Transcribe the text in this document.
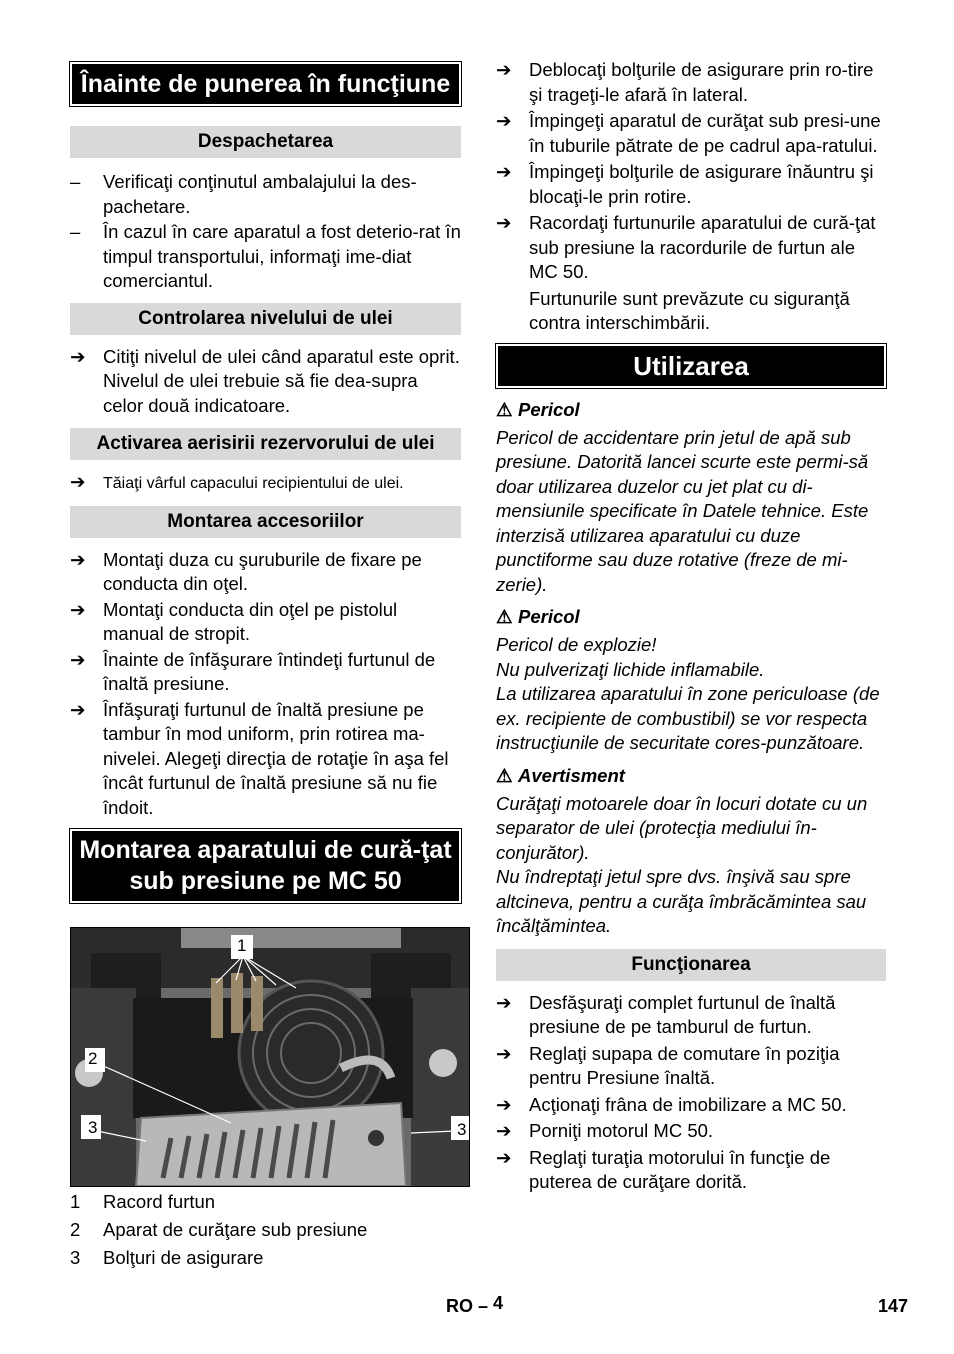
Înainte de punerea în funcţiune
Despachetarea
–	Verificaţi conţinutul ambalajului la des-pachetare.
–	În cazul în care aparatul a fost deterio-rat în timpul transportului, informaţi ime-diat comerciantul.
Controlarea nivelului de ulei
➔ Citiţi nivelul de ulei când aparatul este oprit. Nivelul de ulei trebuie să fie dea-supra celor două indicatoare.
Activarea aerisirii rezervorului de ulei
➔	Tăiaţi vârful capacului recipientului de ulei.
Montarea accesoriilor
➔ Montaţi duza cu şuruburile de fixare pe conducta din oţel.
➔ Montaţi conducta din oţel pe pistolul manual de stropit.
➔ Înainte de înfăşurare întindeţi furtunul de înaltă presiune.
➔ Înfăşuraţi furtunul de înaltă presiune pe tambur în mod uniform, prin rotirea ma-nivelei. Alegeţi direcţia de rotaţie în aşa fel încât furtunul de înaltă presiune să nu fie îndoit.
Montarea aparatului de cură-ţat sub presiune pe MC 50
1
2
3	3
1 Racord furtun
2 Aparat de curăţare sub presiune
3 Bolţuri de asigurare
➔ Deblocaţi bolţurile de asigurare prin ro-tire şi trageţi-le afară în lateral.
➔ Împingeţi aparatul de curăţat sub presi-une în tuburile pătrate de pe cadrul apa-ratului.
➔ Împingeţi bolţurile de asigurare înăuntru şi blocaţi-le prin rotire.
➔ Racordaţi furtunurile aparatului de cură-ţat sub presiune la racordurile de furtun ale MC 50.
Furtunurile sunt prevăzute cu siguranţă contra interschimbării.
Utilizarea
⚠ Pericol
Pericol de accidentare prin jetul de apă sub presiune. Datorită lancei scurte este permi-să doar utilizarea duzelor cu jet plat cu di-mensiunile specificate în Datele tehnice. Este interzisă utilizarea aparatului cu duze punctiforme sau duze rotative (freze de mi-zerie).
⚠ Pericol
Pericol de explozie!
Nu pulverizaţi lichide inflamabile.
La utilizarea aparatului în zone periculoase (de ex. recipiente de combustibil) se vor respecta instrucţiunile de securitate cores-punzătoare.
⚠ Avertisment
Curăţaţi motoarele doar în locuri dotate cu un separator de ulei (protecţia mediului în-conjurător).
Nu îndreptaţi jetul spre dvs. înşivă sau spre altcineva, pentru a curăţa îmbrăcămintea sau încălţămintea.
Funcţionarea
➔ Desfăşuraţi complet furtunul de înaltă presiune de pe tamburul de furtun.
➔ Reglaţi supapa de comutare în poziţia pentru Presiune înaltă.
➔ Acţionaţi frâna de imobilizare a MC 50.
➔ Porniţi motorul MC 50.
➔ Reglaţi turaţia motorului în funcţie de puterea de curăţare dorită.
RO – 4	147
